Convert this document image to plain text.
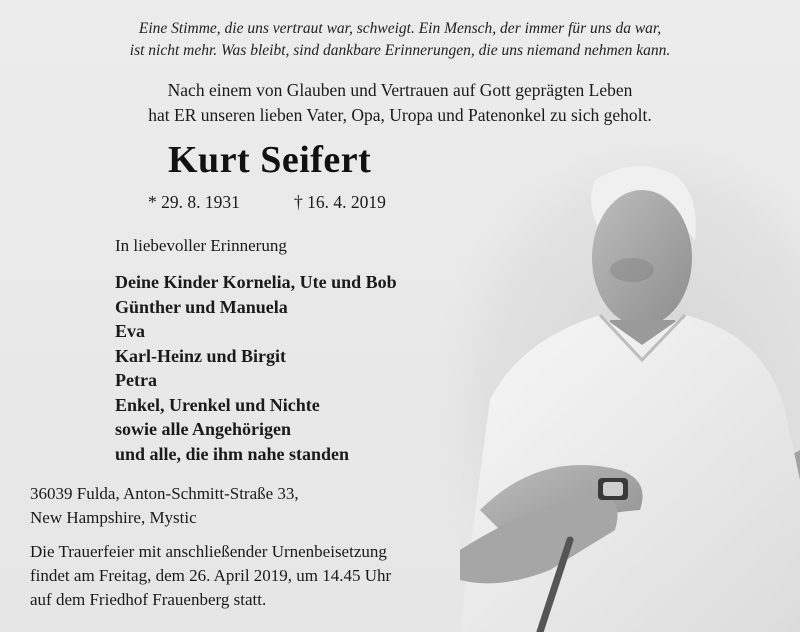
Eine Stimme, die uns vertraut war, schweigt. Ein Mensch, der immer für uns da war,
ist nicht mehr. Was bleibt, sind dankbare Erinnerungen, die uns niemand nehmen kann.
Nach einem von Glauben und Vertrauen auf Gott geprägten Leben
hat ER unseren lieben Vater, Opa, Uropa und Patenonkel zu sich geholt.
Kurt Seifert
* 29. 8. 1931	† 16. 4. 2019
In liebevoller Erinnerung
Deine Kinder Kornelia, Ute und Bob
Günther und Manuela
Eva
Karl-Heinz und Birgit
Petra
Enkel, Urenkel und Nichte
sowie alle Angehörigen
und alle, die ihm nahe standen
36039 Fulda, Anton-Schmitt-Straße 33,
New Hampshire, Mystic
Die Trauerfeier mit anschließender Urnenbeisetzung
findet am Freitag, dem 26. April 2019, um 14.45 Uhr
auf dem Friedhof Frauenberg statt.
